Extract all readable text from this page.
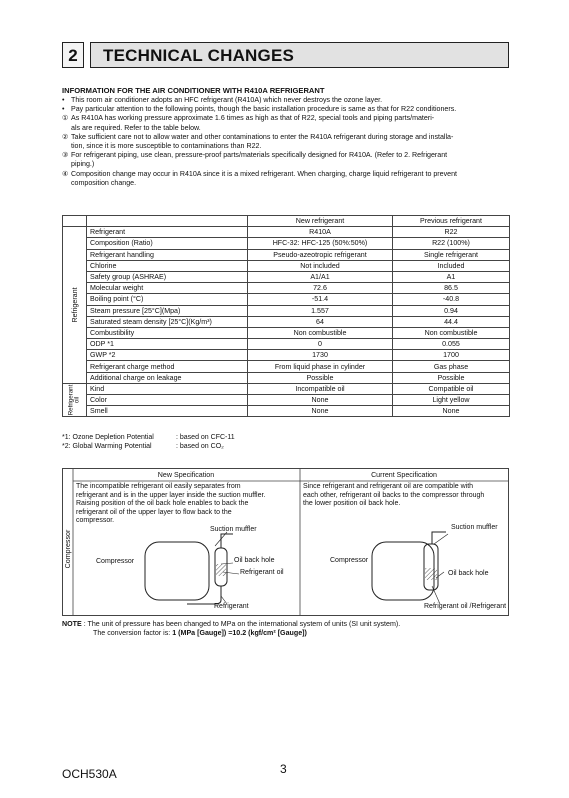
2	TECHNICAL CHANGES
INFORMATION FOR THE AIR CONDITIONER WITH R410A REFRIGERANT
• This room air conditioner adopts an HFC refrigerant (R410A) which never destroys the ozone layer.
• Pay particular attention to the following points, though the basic installation procedure is same as that for R22 conditioners.
① As R410A has working pressure approximate 1.6 times as high as that of R22, special tools and piping parts/materi-
als are required. Refer to the table below.
② Take sufficient care not to allow water and other contaminations to enter the R410A refrigerant during storage and installa-
tion, since it is more susceptible to contaminations than R22.
③ For refrigerant piping, use clean, pressure-proof parts/materials specifically designed for R410A. (Refer to 2. Refrigerant
piping.)
④ Composition change may occur in R410A since it is a mixed refrigerant. When charging, charge liquid refrigerant to prevent
composition change.
		New refrigerant	Previous refrigerant

Refrigerant	Refrigerant	R410A	R22
	Composition (Ratio)	HFC-32: HFC-125 (50%:50%)	R22 (100%)
	Refrigerant handling	Pseudo-azeotropic refrigerant	Single refrigerant
	Chlorine	Not included	Included
	Safety group (ASHRAE)	A1/A1	A1
	Molecular weight	72.6	86.5
	Boiling point (°C)	-51.4	-40.8
	Steam pressure [25°C](Mpa)	1.557	0.94
	Saturated steam density [25°C](Kg/m³)	64	44.4
	Combustibility	Non combustible	Non combustible
	ODP *1	0	0.055
	GWP *2	1730	1700
	Refrigerant charge method	From liquid phase in cylinder	Gas phase
	Additional charge on leakage	Possible	Possible

Refrigerant oil	Kind	Incompatible oil	Compatible oil
	Color	None	Light yellow
	Smell	None	None
*1: Ozone Depletion Potential	: based on CFC-11
*2: Global Warming Potential	: based on CO₂
Compressor
New Specification	Current Specification
The incompatible refrigerant oil easily separates from
refrigerant and is in the upper layer inside the suction muffler.
Raising position of the oil back hole enables to back the
refrigerant oil of the upper layer to flow back to the
compressor.
Since refrigerant and refrigerant oil are compatible with
each other, refrigerant oil backs to the compressor through
the lower position oil back hole.
Suction muffler
Compressor	Oil back hole
Refrigerant oil
Refrigerant
Suction muffler
Compressor
Oil back hole
Refrigerant oil /Refrigerant
NOTE : The unit of pressure has been changed to MPa on the international system of units (SI unit system).
The conversion factor is: 1 (MPa [Gauge]) =10.2 (kgf/cm² [Gauge])
OCH530A	3
